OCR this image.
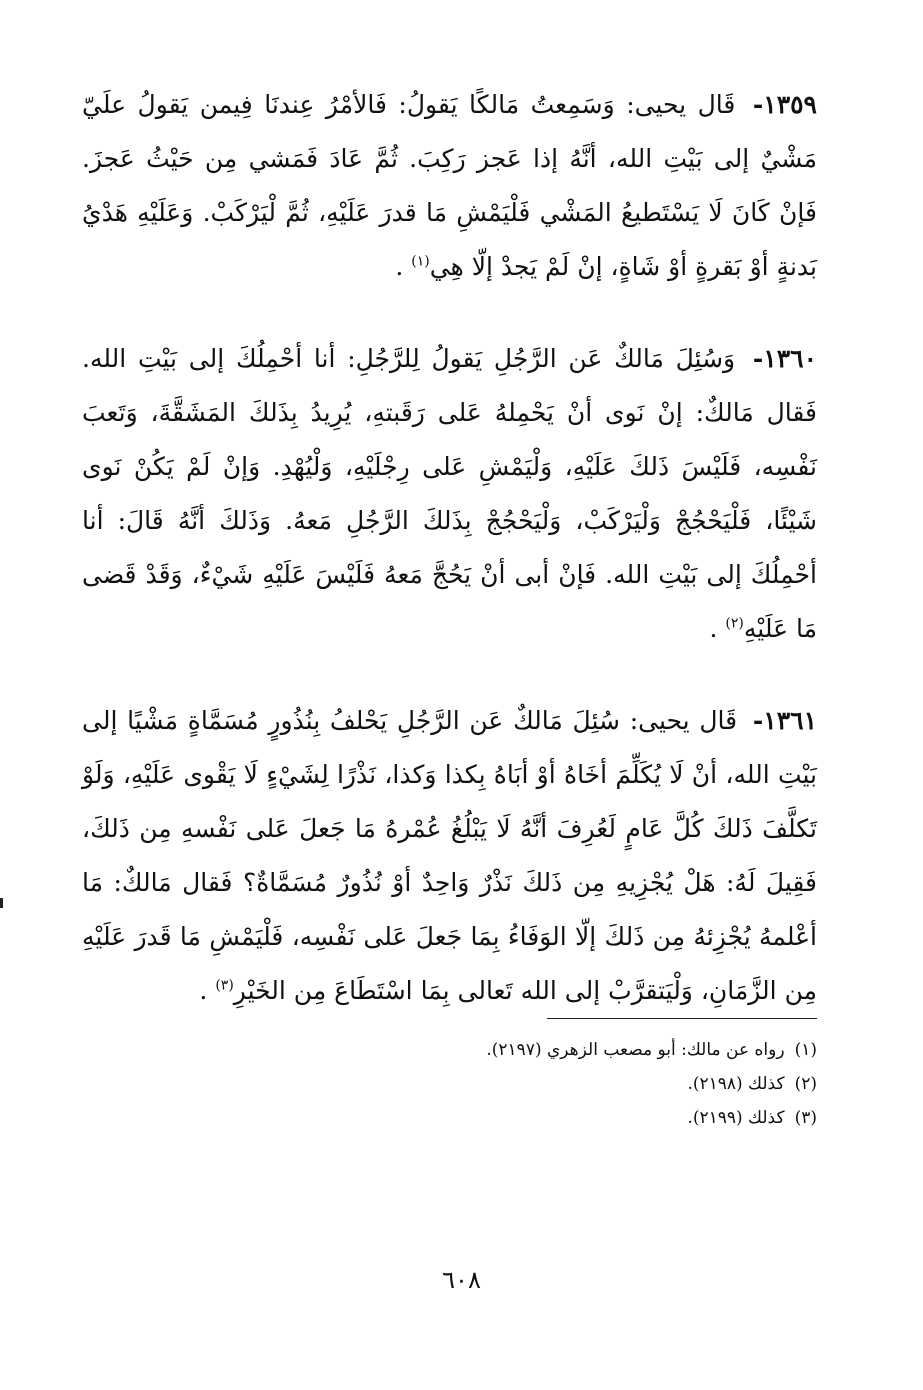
١٣٥٩- قَال يحيى: وَسَمِعتُ مَالكًا يَقولُ: فَالأمْرُ عِندنَا فِيمن يَقولُ علَيّ مَشْيٌ إلى بَيْتِ الله، أنَّهُ إذا عَجز رَكِبَ. ثُمَّ عَادَ فَمَشي مِن حَيْثُ عَجزَ. فَإنْ كَانَ لَا يَسْتَطيعُ المَشْي فَلْيَمْشِ مَا قدرَ عَلَيْهِ، ثُمَّ لْيَرْكَبْ. وَعَلَيْهِ هَدْيُ بَدنةٍ أوْ بَقرةٍ أوْ شَاةٍ، إنْ لَمْ يَجدْ إلّا هِي$^{(١)}$ .

١٣٦٠- وَسُئِلَ مَالكٌ عَن الرَّجُلِ يَقولُ لِلرَّجُلِ: أنا أحْمِلُكَ إلى بَيْتِ الله. فَقال مَالكٌ: إنْ نَوى أنْ يَحْمِلهُ عَلى رَقَبتهِ، يُرِيدُ بِذَلكَ المَشَقَّةَ، وَتَعبَ نَفْسِه، فَلَيْسَ ذَلكَ عَلَيْهِ، وَلْيَمْشِ عَلى رِجْلَيْهِ، وَلْيُهْدِ. وَإنْ لَمْ يَكُنْ نَوى شَيْئًا، فَلْيَحْجُجْ وَلْيَرْكَبْ، وَلْيَحْجُجْ بِذَلكَ الرَّجُلِ مَعهُ. وَذَلكَ أنَّهُ قَالَ: أنا أحْمِلُكَ إلى بَيْتِ الله. فَإنْ أبى أنْ يَحُجَّ مَعهُ فَلَيْسَ عَلَيْهِ شَيْءٌ، وَقَدْ قَضى مَا عَلَيْهِ$^{(٢)}$ .

١٣٦١- قَال يحيى: سُئِلَ مَالكٌ عَن الرَّجُلِ يَحْلفُ بِنُذُورٍ مُسَمَّاةٍ مَشْيًا إلى بَيْتِ الله، أنْ لَا يُكَلِّمَ أخَاهُ أوْ أبَاهُ بِكذا وَكذا، نَذْرًا لِشَيْءٍ لَا يَقْوى عَلَيْهِ، وَلَوْ تَكلَّفَ ذَلكَ كُلَّ عَامٍ لَعُرِفَ أنَّهُ لَا يَبْلُغُ عُمْرهُ مَا جَعلَ عَلى نَفْسهِ مِن ذَلكَ، فَقِيلَ لَهُ: هَلْ يُجْزِيهِ مِن ذَلكَ نَذْرٌ وَاحِدٌ أوْ نُذُورٌ مُسَمَّاةٌ؟ فَقال مَالكٌ: مَا أعْلمهُ يُجْزِئهُ مِن ذَلكَ إلّا الوَفَاءُ بِمَا جَعلَ عَلى نَفْسِه، فَلْيَمْشِ مَا قَدرَ عَلَيْهِ مِن الزَّمَانِ، وَلْيَتقرَّبْ إلى الله تَعالى بِمَا اسْتَطَاعَ مِن الخَيْرِ$^{(٣)}$ .

(١)رواه عن مالك: أبو مصعب الزهري (٢١٩٧).
(٢)كذلك (٢١٩٨).
(٣)كذلك (٢١٩٩).
٦٠٨
